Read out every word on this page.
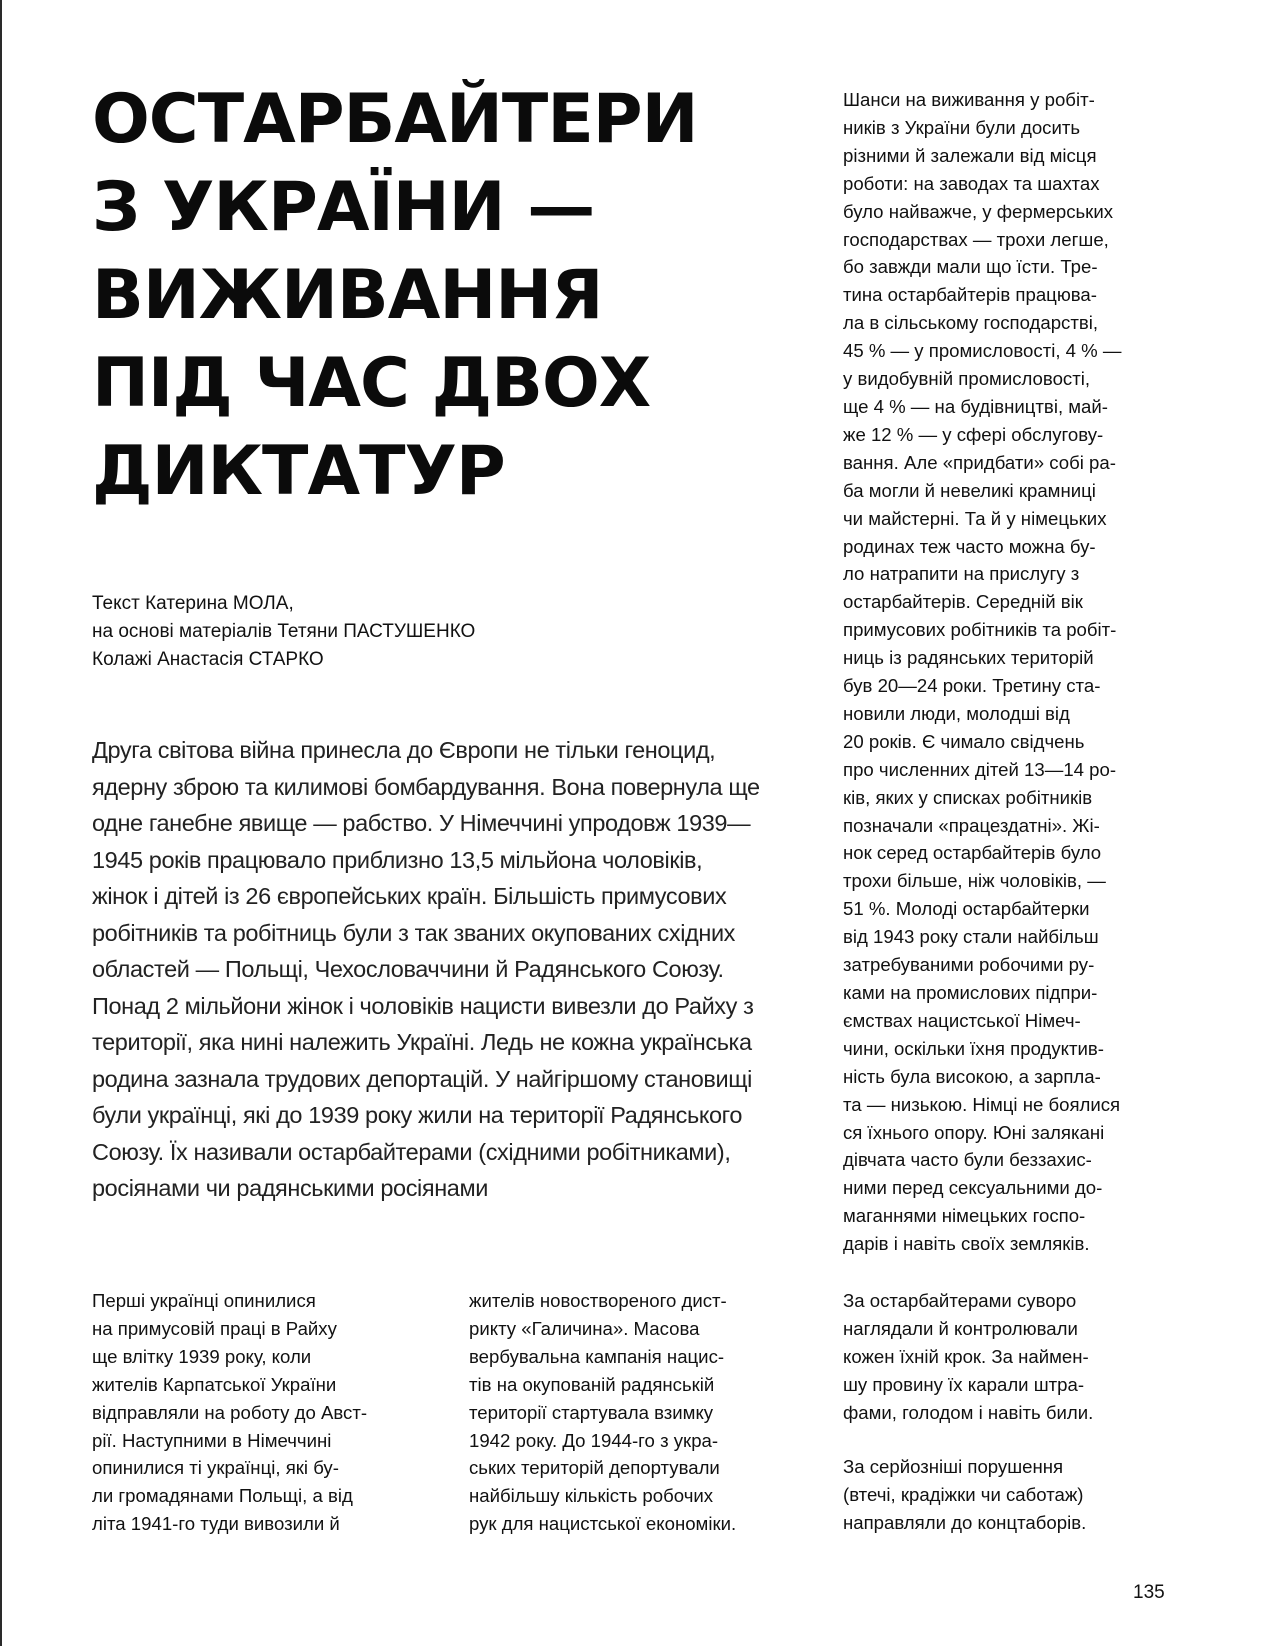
ОСТАРБАЙТЕРИ
З УКРАЇНИ —
ВИЖИВАННЯ
ПІД ЧАС ДВОХ
ДИКТАТУР
Текст Катерина МОЛА,
на основі матеріалів Тетяни ПАСТУШЕНКО
Колажі Анастасія СТАРКО
Друга світова війна принесла до Європи не тільки геноцид,
ядерну зброю та килимові бомбардування. Вона повернула ще
одне ганебне явище — рабство. У Німеччині упродовж 1939—
1945 років працювало приблизно 13,5 мільйона чоловіків,
жінок і дітей із 26 європейських країн. Більшість примусових
робітників та робітниць були з так званих окупованих східних
областей — Польщі, Чехословаччини й Радянського Союзу.
Понад 2 мільйони жінок і чоловіків нацисти вивезли до Райху з
території, яка нині належить Україні. Ледь не кожна українська
родина зазнала трудових депортацій. У найгіршому становищі
були українці, які до 1939 року жили на території Радянського
Союзу. Їх називали остарбайтерами (східними робітниками),
росіянами чи радянськими росіянами
Шанси на виживання у робіт-
ників з України були досить
різними й залежали від місця
роботи: на заводах та шахтах
було найважче, у фермерських
господарствах — трохи легше,
бо завжди мали що їсти. Тре-
тина остарбайтерів працюва-
ла в сільському господарстві,
45 % — у промисловості, 4 % —
у видобувній промисловості,
ще 4 % — на будівництві, май-
же 12 % — у сфері обслугову-
вання. Але «придбати» собі ра-
ба могли й невеликі крамниці
чи майстерні. Та й у німецьких
родинах теж часто можна бу-
ло натрапити на прислугу з
остарбайтерів. Середній вік
примусових робітників та робіт-
ниць із радянських територій
був 20—24 роки. Третину ста-
новили люди, молодші від
20 років. Є чимало свідчень
про численних дітей 13—14 ро-
ків, яких у списках робітників
позначали «працездатні». Жі-
нок серед остарбайтерів було
трохи більше, ніж чоловіків, —
51 %. Молоді остарбайтерки
від 1943 року стали найбільш
затребуваними робочими ру-
ками на промислових підпри-
ємствах нацистської Німеч-
чини, оскільки їхня продуктив-
ність була високою, а зарпла-
та — низькою. Німці не боялися
ся їхнього опору. Юні залякані
дівчата часто були беззахис-
ними перед сексуальними до-
маганнями німецьких госпо-
дарів і навіть своїх земляків.
За остарбайтерами суворо
наглядали й контролювали
кожен їхній крок. За наймен-
шу провину їх карали штра-
фами, голодом і навіть били.
За серйозніші порушення
(втечі, крадіжки чи саботаж)
направляли до концтаборів.
Перші українці опинилися
на примусовій праці в Райху
ще влітку 1939 року, коли
жителів Карпатської України
відправляли на роботу до Авст-
рії. Наступними в Німеччині
опинилися ті українці, які бу-
ли громадянами Польщі, а від
літа 1941-го туди вивозили й
жителів новоствореного дист-
рикту «Галичина». Масова
вербувальна кампанія нацис-
тів на окупованій радянській
території стартувала взимку
1942 року. До 1944-го з укра-
ських територій депортували
найбільшу кількість робочих
рук для нацистської економіки.
135
